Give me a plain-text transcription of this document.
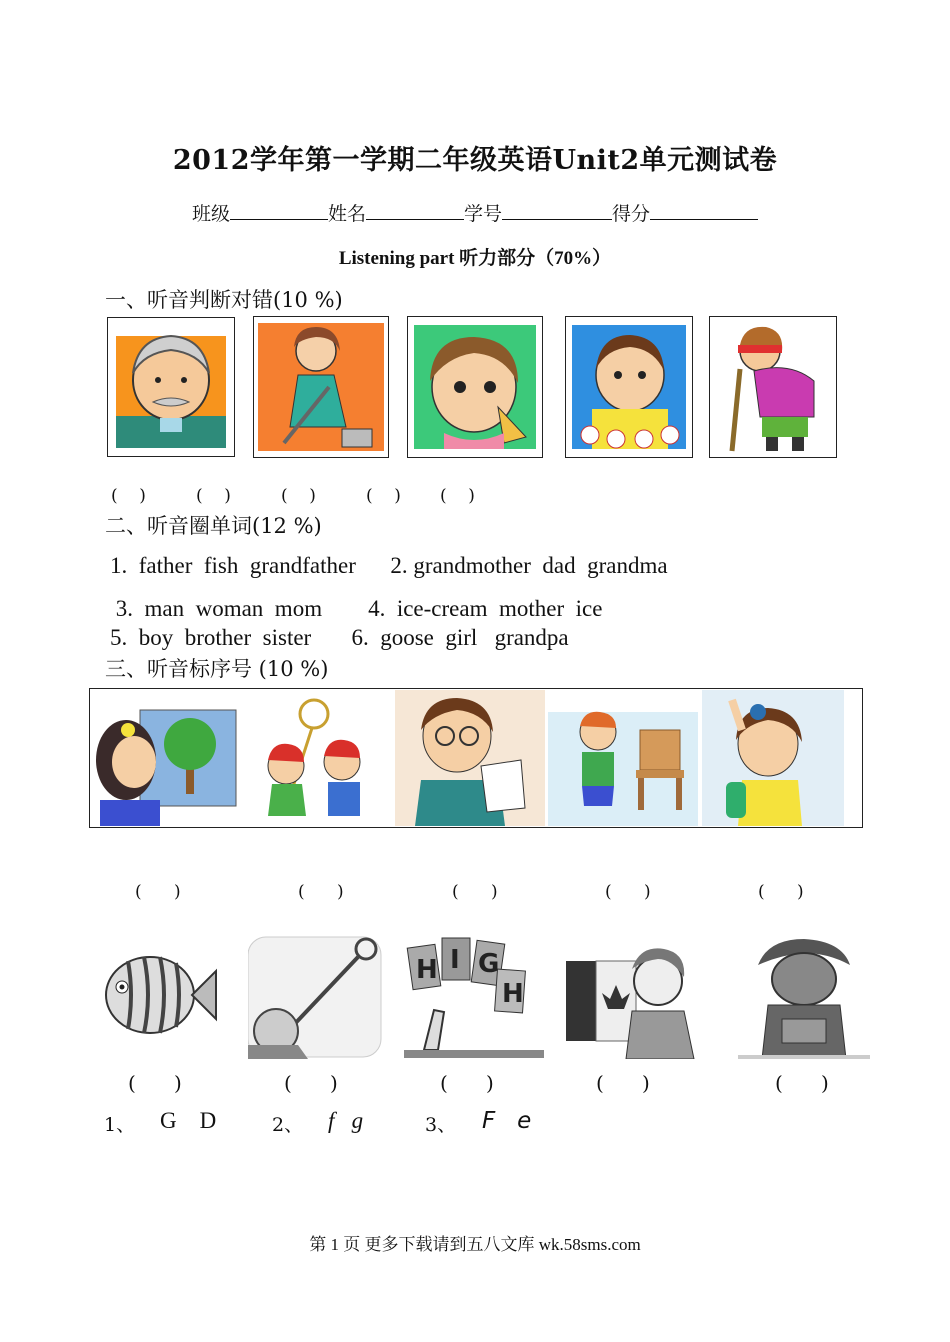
2012学年第一学期二年级英语Unit2单元测试卷
班级	姓名	学号	得分
Listening part 听力部分（70%）
一、听音判断对错(10 %)
(    )	(    )	(    )	(    ) (    )
二、听音圈单词(12 %)
1.  father  fish  grandfather      2. grandmother  dad  grandma
3.  man  woman  mom        4.  ice-cream  mother  ice
5.  boy  brother  sister       6.  goose  girl   grandpa
三、听音标序号 (10 %)
(      )	(      )	(      )	(      )	(      )
H I G
H
(      )	(      )	(      )	(      )	(      )
1、 G    D	2、 f   g	3、 F   e
第 1 页 更多下载请到五八文库 wk.58sms.com
